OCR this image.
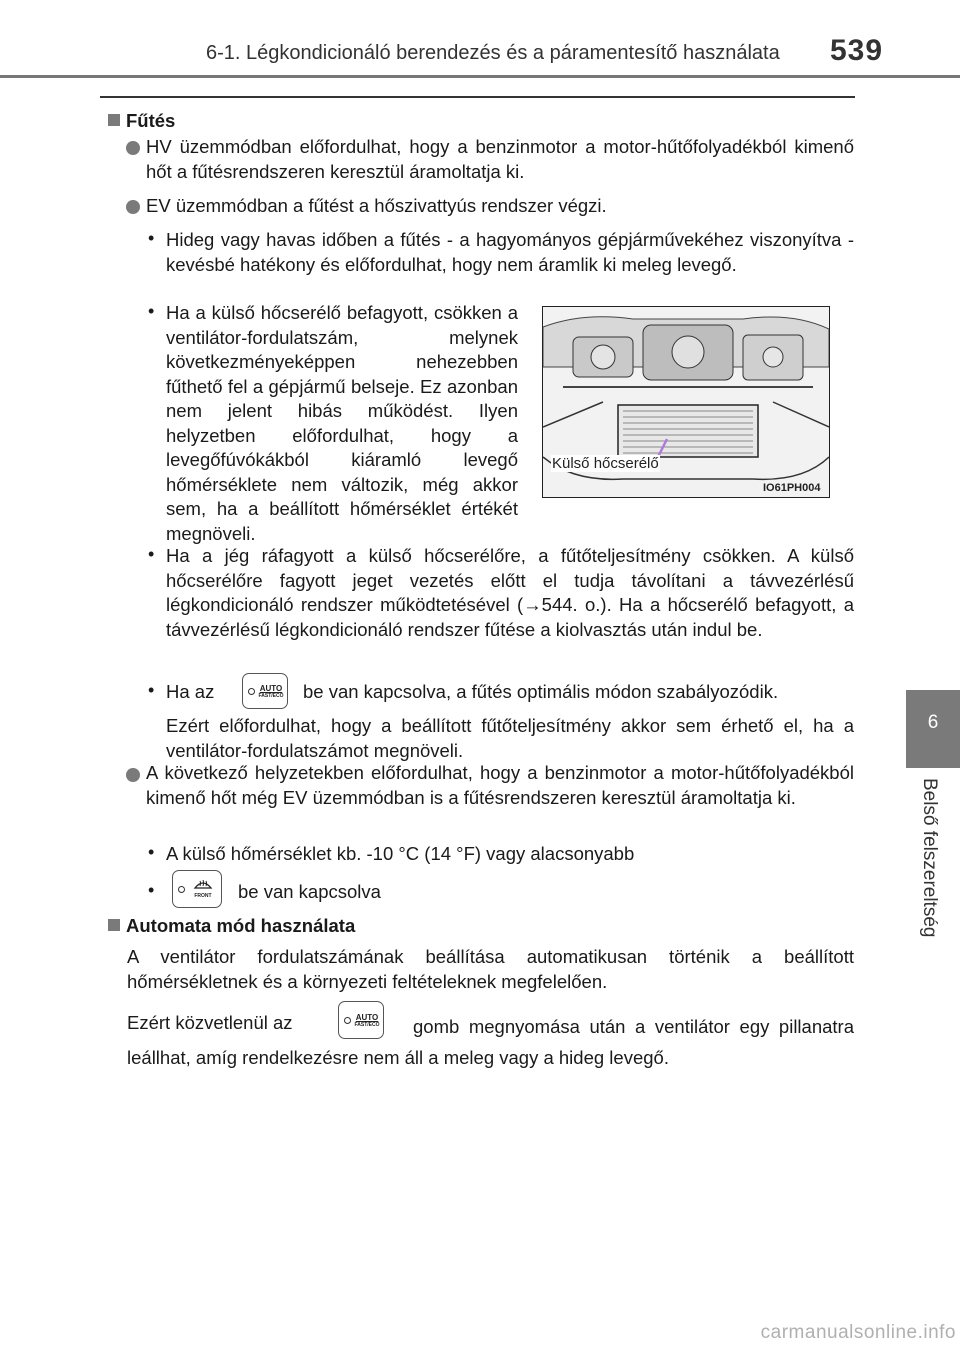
6-1. Légkondicionáló berendezés és a páramentesítő használata 539
6
Belső felszereltség
Fűtés
HV üzemmódban előfordulhat, hogy a benzinmotor a motor-hűtőfolyadékból kimenő hőt a fűtésrendszeren keresztül áramoltatja ki.
EV üzemmódban a fűtést a hőszivattyús rendszer végzi.
• Hideg vagy havas időben a fűtés - a hagyományos gépjárművekéhez viszonyítva - kevésbé hatékony és előfordulhat, hogy nem áramlik ki meleg levegő.
• Ha a külső hőcserélő befagyott, csökken a ventilátor-fordulatszám, melynek következményeképpen nehezebben fűthető fel a gépjármű belseje. Ez azonban nem jelent hibás működést. Ilyen helyzetben előfordulhat, hogy a levegőfúvókákból kiáramló levegő hőmérséklete nem változik, még akkor sem, ha a beállított hőmérséklet értékét megnöveli.
Külső hőcserélő
IO61PH004
• Ha a jég ráfagyott a külső hőcserélőre, a fűtőteljesítmény csökken. A külső hőcserélőre fagyott jeget vezetés előtt el tudja távolítani a távvezérlésű légkondicionáló rendszer működtetésével (→544. o.). Ha a hőcserélő befagyott, a távvezérlésű légkondicionáló rendszer fűtése a kiolvasztás után indul be.
• Ha az	AUTO
FAST/ECO be van kapcsolva, a fűtés optimális módon szabályozódik.
Ezért előfordulhat, hogy a beállított fűtőteljesítmény akkor sem érhető el, ha a ventilátor-fordulatszámot megnöveli.
A következő helyzetekben előfordulhat, hogy a benzinmotor a motor-hűtőfolyadékból kimenő hőt még EV üzemmódban is a fűtésrendszeren keresztül áramoltatja ki.
• A külső hőmérséklet kb. -10 °C (14 °F) vagy alacsonyabb
•	FRONT be van kapcsolva
Automata mód használata
A ventilátor fordulatszámának beállítása automatikusan történik a beállított hőmérsékletnek és a környezeti feltételeknek megfelelően.
Ezért közvetlenül az	AUTO
FAST/ECO	gomb megnyomása után a ventilátor egy pillanatra leállhat, amíg rendelkezésre nem áll a meleg vagy a hideg levegő.
carmanualsonline.info
